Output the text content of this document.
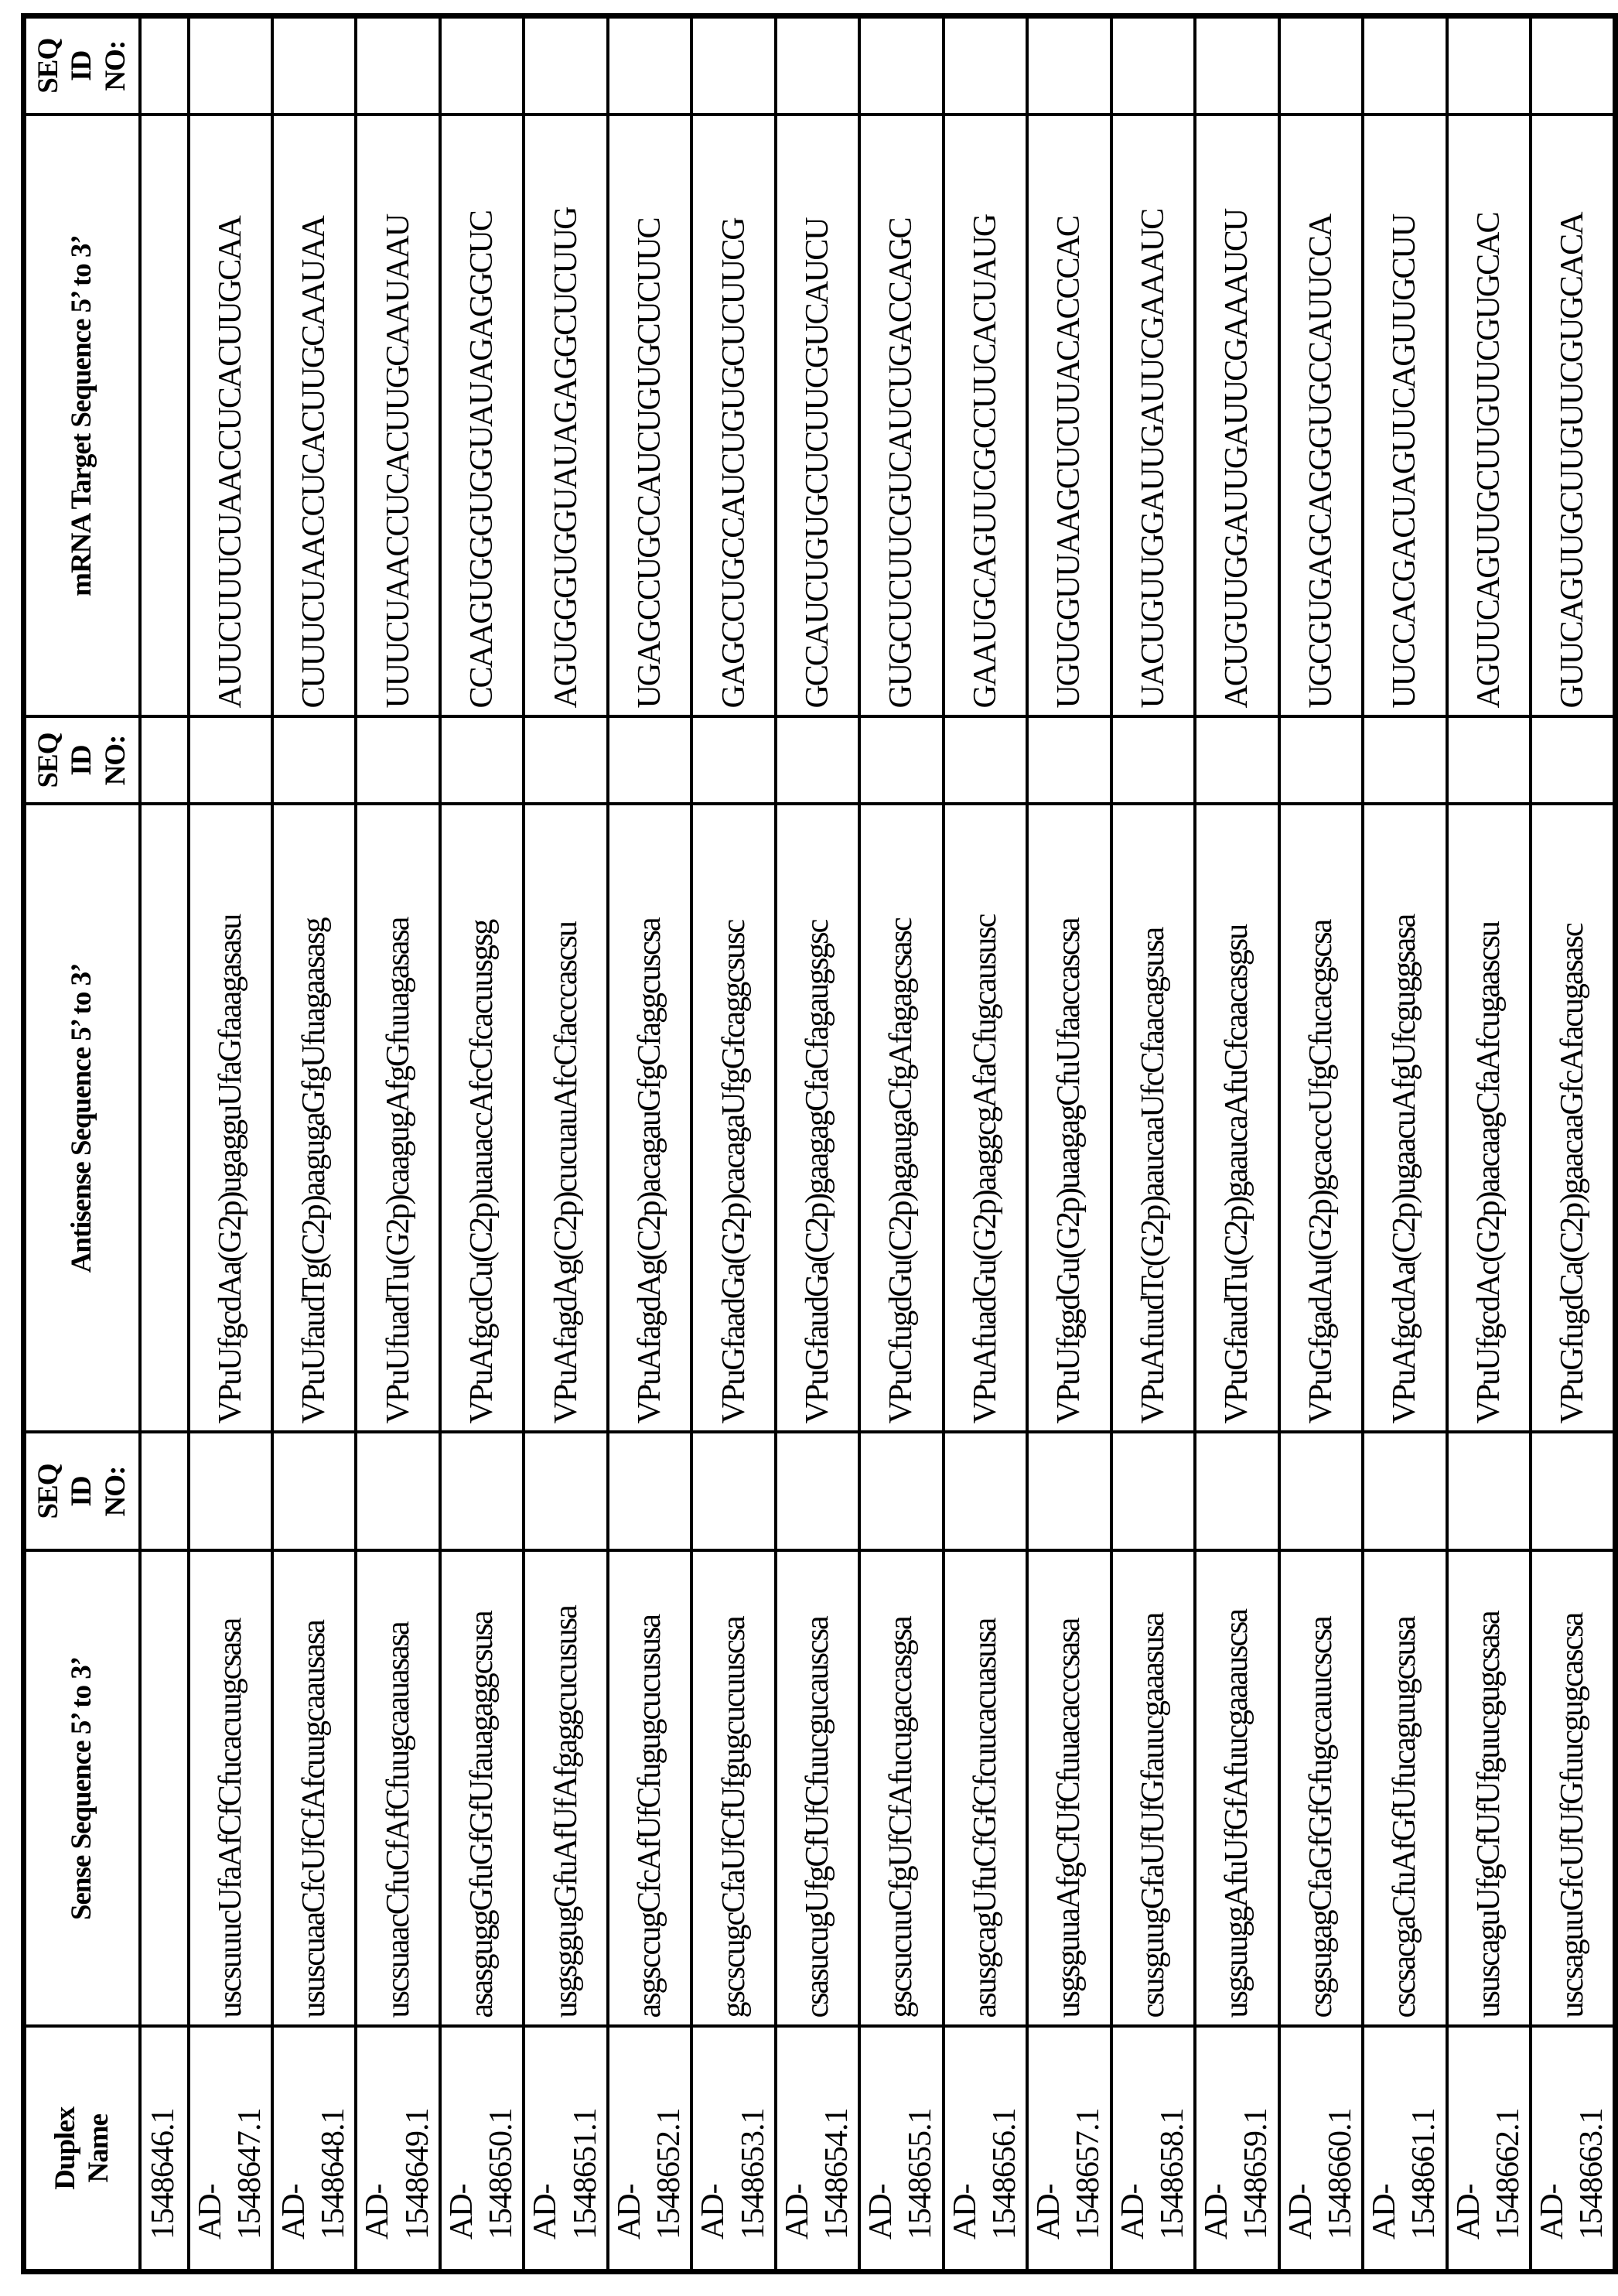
Duplex
Name	Sense Sequence 5’ to 3’	SEQ
ID
NO:	Antisense Sequence 5’ to 3’	SEQ
ID
NO:	mRNA Target Sequence 5’ to 3’	SEQ
ID
NO:
1548646.1						
AD-
1548647.1	uscsuuucUfaAfCfCfucacuugcsasa		VPuUfgcdAa(G2p)ugagguUfaGfaaagasasu		AUUCUUUCUAACCUCACUUGCAA	
AD-
1548648.1	ususcuaaCfcUfCfAfcuugcaausasa		VPuUfaudTg(C2p)aagugaGfgUfuagaasasg		CUUUCUAACCUCACUUGCAAUAA	
AD-
1548649.1	uscsuaacCfuCfAfCfuugcaauasasa		VPuUfuadTu(G2p)caagugAfgGfuuagasasa		UUUCUAACCUCACUUGCAAUAAU	
AD-
1548650.1	asasguggGfuGfGfUfauagaggcsusa		VPuAfgcdCu(C2p)uauaccAfcCfcacuusgsg		CCAAGUGGGUGGUAUAGAGGCUC	
AD-
1548651.1	usgsggugGfuAfUfAfgaggcucususa		VPuAfagdAg(C2p)cucuauAfcCfacccascsu		AGUGGGUGGUAUAGAGGCUCUUG	
AD-
1548652.1	asgsccugCfcAfUfCfugugcucususa		VPuAfagdAg(C2p)acagauGfgCfaggcuscsa		UGAGCCUGCCAUCUGUGCUCUUC	
AD-
1548653.1	gscscugcCfaUfCfUfgugcucuuscsa		VPuGfaadGa(G2p)cacagaUfgGfcaggcsusc		GAGCCUGCCAUCUGUGCUCUUCG	
AD-
1548654.1	csasucugUfgCfUfCfuucgucauscsa		VPuGfaudGa(C2p)gaagagCfaCfagaugsgsc		GCCAUCUGUGCUCUUCGUCAUCU	
AD-
1548655.1	gscsucuuCfgUfCfAfucugaccasgsa		VPuCfugdGu(C2p)agaugaCfgAfagagcsasc		GUGCUCUUCGUCAUCUGACCAGC	
AD-
1548656.1	asusgcagUfuCfGfCfcuucacuasusa		VPuAfuadGu(G2p)aaggcgAfaCfugcaususc		GAAUGCAGUUCGCCUUCACUAUG	
AD-
1548657.1	usgsguuaAfgCfUfCfuuacacccsasa		VPuUfggdGu(G2p)uaagagCfuUfaaccascsa		UGUGGUUAAGCUCUUACACCCAC	
AD-
1548658.1	csusguugGfaUfUfGfauucgaaasusa		VPuAfuudTc(G2p)aaucaaUfcCfaacagsusa		UACUGUUGGAUUGAUUCGAAAUC	
AD-
1548659.1	usgsuuggAfuUfGfAfuucgaaauscsa		VPuGfaudTu(C2p)gaaucaAfuCfcaacasgsu		ACUGUUGGAUUGAUUCGAAAUCU	
AD-
1548660.1	csgsugagCfaGfGfGfugccauucscsa		VPuGfgadAu(G2p)gcacccUfgCfucacgscsa		UGCGUGAGCAGGGUGCCAUUCCA	
AD-
1548661.1	cscsacgaCfuAfGfUfucaguugcsusa		VPuAfgcdAa(C2p)ugaacuAfgUfcguggsasa		UUCCACGACUAGUUCAGUUGCUU	
AD-
1548662.1	ususcaguUfgCfUfUfguucgugcsasa		VPuUfgcdAc(G2p)aacaagCfaAfcugaascsu		AGUUCAGUUGCUUGUUCGUGCAC	
AD-
1548663.1	uscsaguuGfcUfUfGfuucgugcascsa		VPuGfugdCa(C2p)gaacaaGfcAfacugasasc		GUUCAGUUGCUUGUUCGUGCACA	
